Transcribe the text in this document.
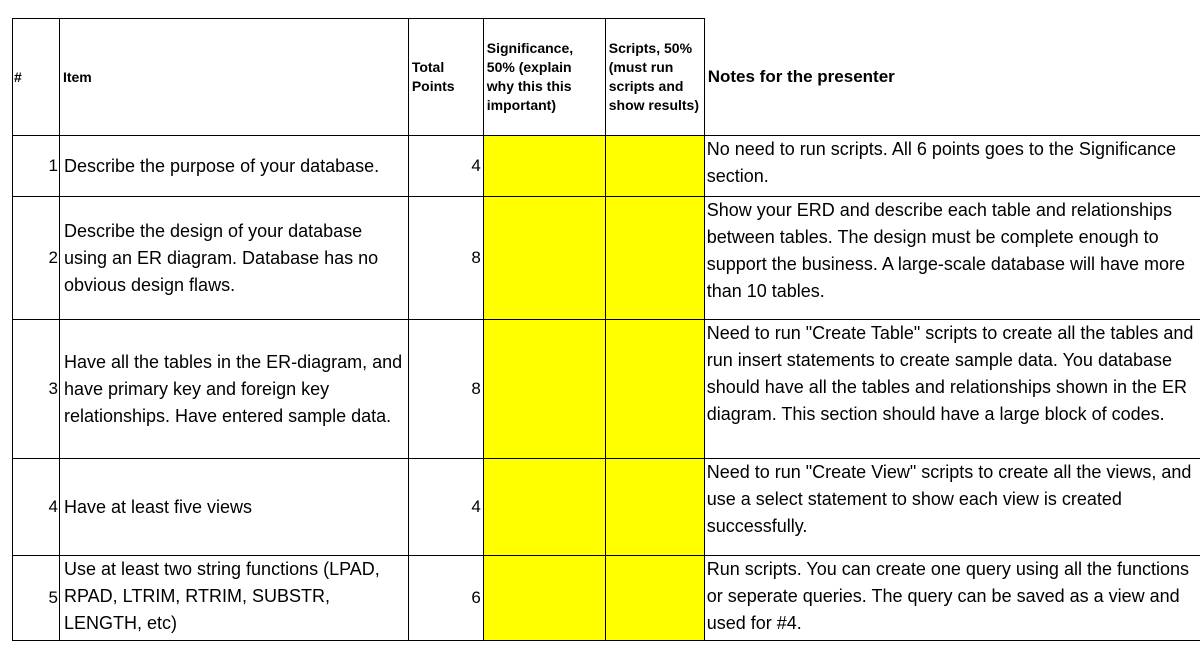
#	Item	Total Points	Significance, 50% (explain why this this important)	Scripts, 50% (must run scripts and show results)	Notes for the presenter
1	Describe the purpose of your database.	4			No need to run scripts. All 6 points goes to the Significance section.
2	Describe the design of your database using an ER diagram. Database has no obvious design flaws.	8			Show your ERD and describe each table and relationships between tables. The design must be complete enough to support the business. A large-scale database will have more than 10 tables.
3	Have all the tables in the ER-diagram, and have primary key and foreign key relationships. Have entered sample data.	8			Need to run "Create Table" scripts to create all the tables and run insert statements to create sample data. You database should have all the tables and relationships shown in the ER diagram. This section should have a large block of codes.
4	Have at least five views	4			Need to run "Create View" scripts to create all the views, and use a select statement to show each view is created successfully.
5	Use at least two string functions (LPAD, RPAD, LTRIM, RTRIM, SUBSTR, LENGTH, etc)	6			Run scripts. You can create one query using all the functions or seperate queries. The query can be saved as a view and used for #4.
